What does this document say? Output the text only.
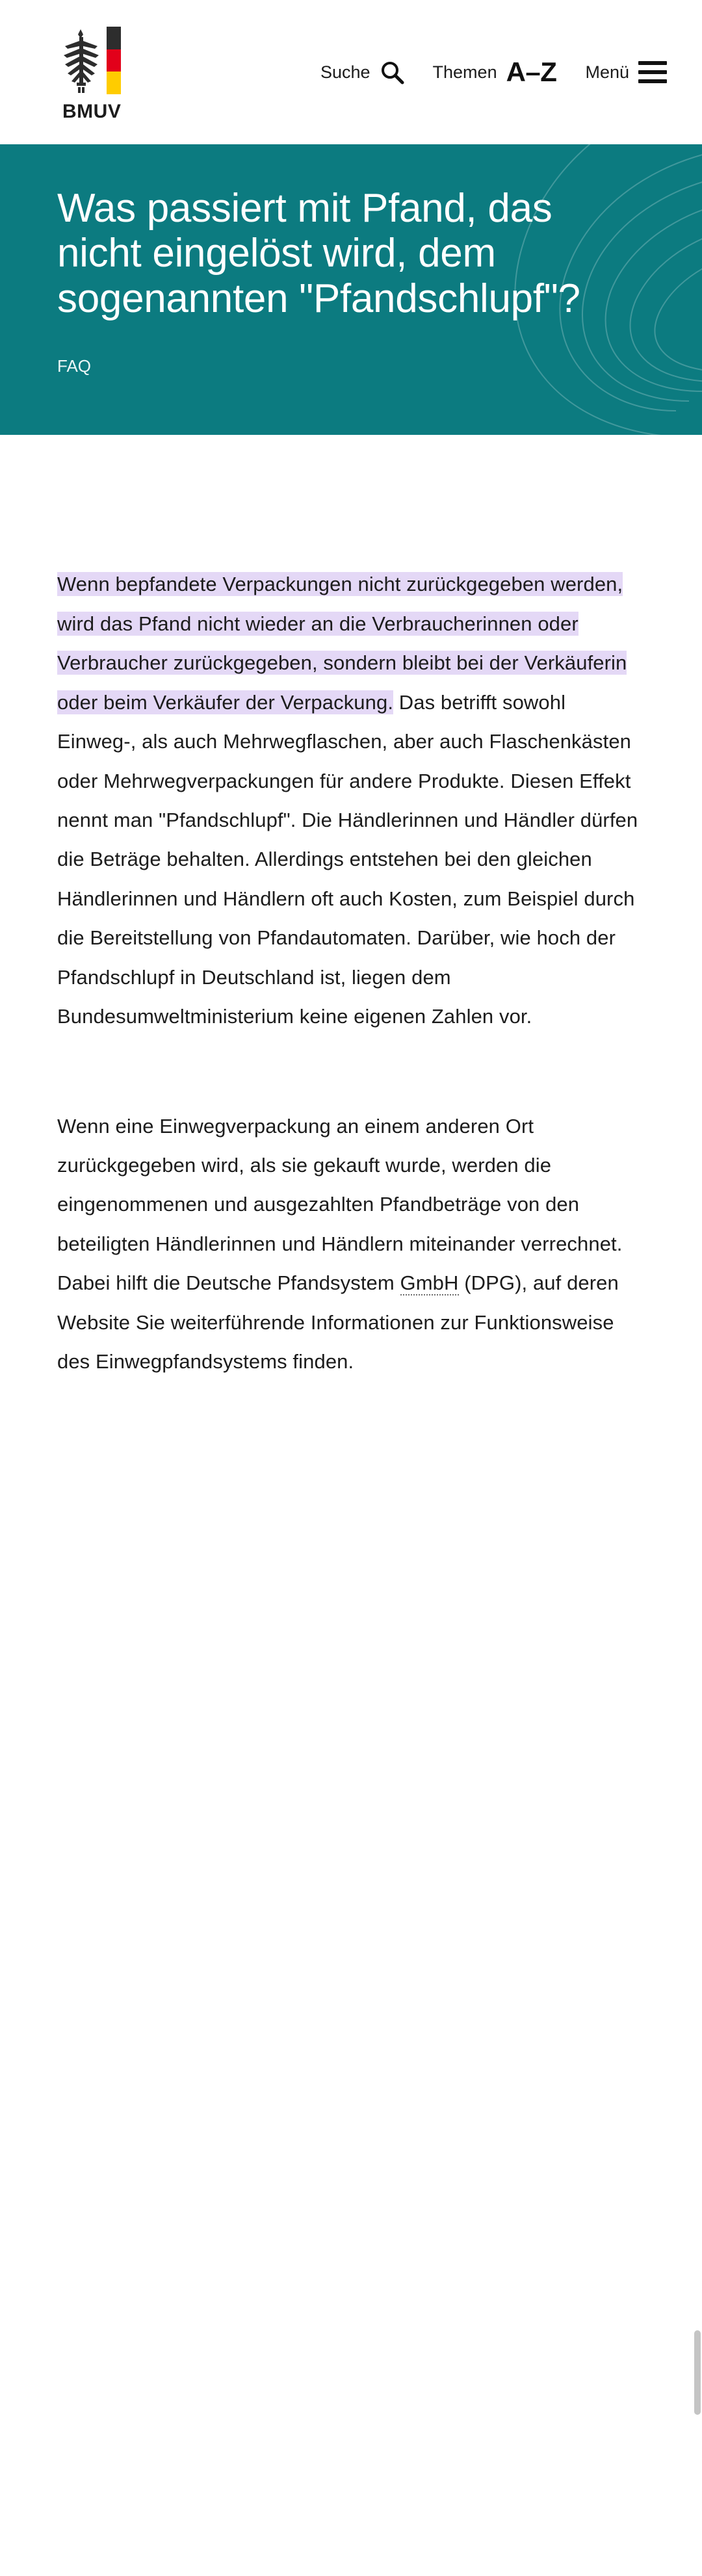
BMUV
Suche	Themen A–Z Menü
Was passiert mit Pfand, das nicht eingelöst wird, dem sogenannten "Pfandschlupf"?
FAQ

Wenn bepfandete Verpackungen nicht zurückgegeben werden, wird das Pfand nicht wieder an die Verbraucherinnen oder Verbraucher zurückgegeben, sondern bleibt bei der Verkäuferin oder beim Verkäufer der Verpackung. Das betrifft sowohl Einweg-, als auch Mehrwegflaschen, aber auch Flaschenkästen oder Mehrwegverpackungen für andere Produkte. Diesen Effekt nennt man "Pfandschlupf". Die Händlerinnen und Händler dürfen die Beträge behalten. Allerdings entstehen bei den gleichen Händlerinnen und Händlern oft auch Kosten, zum Beispiel durch die Bereitstellung von Pfandautomaten. Darüber, wie hoch der Pfandschlupf in Deutschland ist, liegen dem Bundesumweltministerium keine eigenen Zahlen vor.

Wenn eine Einwegverpackung an einem anderen Ort zurückgegeben wird, als sie gekauft wurde, werden die eingenommenen und ausgezahlten Pfandbeträge von den beteiligten Händlerinnen und Händlern miteinander verrechnet. Dabei hilft die Deutsche Pfandsystem GmbH (DPG), auf deren Website Sie weiterführende Informationen zur Funktionsweise des Einwegpfandsystems finden.
